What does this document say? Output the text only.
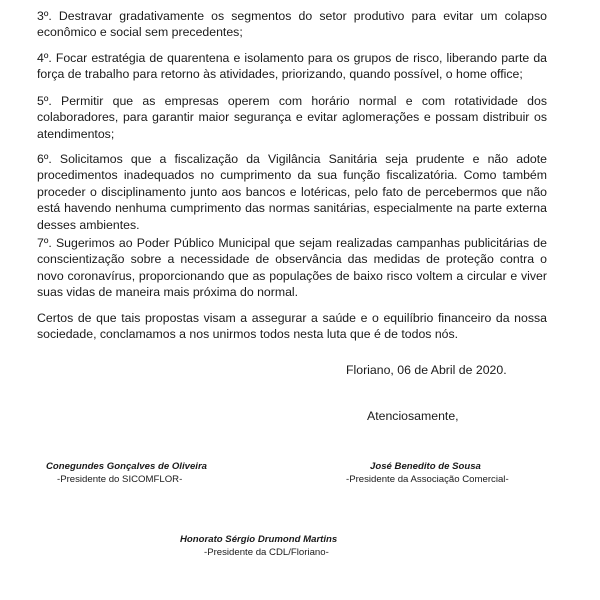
3º. Destravar gradativamente os segmentos do setor produtivo para evitar um colapso econômico e social sem precedentes;

4º. Focar estratégia de quarentena e isolamento para os grupos de risco, liberando parte da força de trabalho para retorno às atividades, priorizando, quando possível, o home office;

5º. Permitir que as empresas operem com horário normal e com rotatividade dos colaboradores, para garantir maior segurança e evitar aglomerações e possam distribuir os atendimentos;

6º. Solicitamos que a fiscalização da Vigilância Sanitária seja prudente e não adote procedimentos inadequados no cumprimento da sua função fiscalizatória. Como também proceder o disciplinamento junto aos bancos e lotéricas, pelo fato de percebermos que não está havendo nenhuma cumprimento das normas sanitárias, especialmente na parte externa desses ambientes.

7º. Sugerimos ao Poder Público Municipal que sejam realizadas campanhas publicitárias de conscientização sobre a necessidade de observância das medidas de proteção contra o novo coronavírus, proporcionando que as populações de baixo risco voltem a circular e viver suas vidas de maneira mais próxima do normal.

Certos de que tais propostas visam a assegurar a saúde e o equilíbrio financeiro da nossa sociedade, conclamamos a nos unirmos todos nesta luta que é de todos nós.

Floriano, 06 de Abril de 2020.
Atenciosamente,
Conegundes Gonçalves de Oliveira
-Presidente do SICOMFLOR-
José Benedito de Sousa
-Presidente da Associação Comercial-
Honorato Sérgio Drumond Martins
-Presidente da CDL/Floriano-
